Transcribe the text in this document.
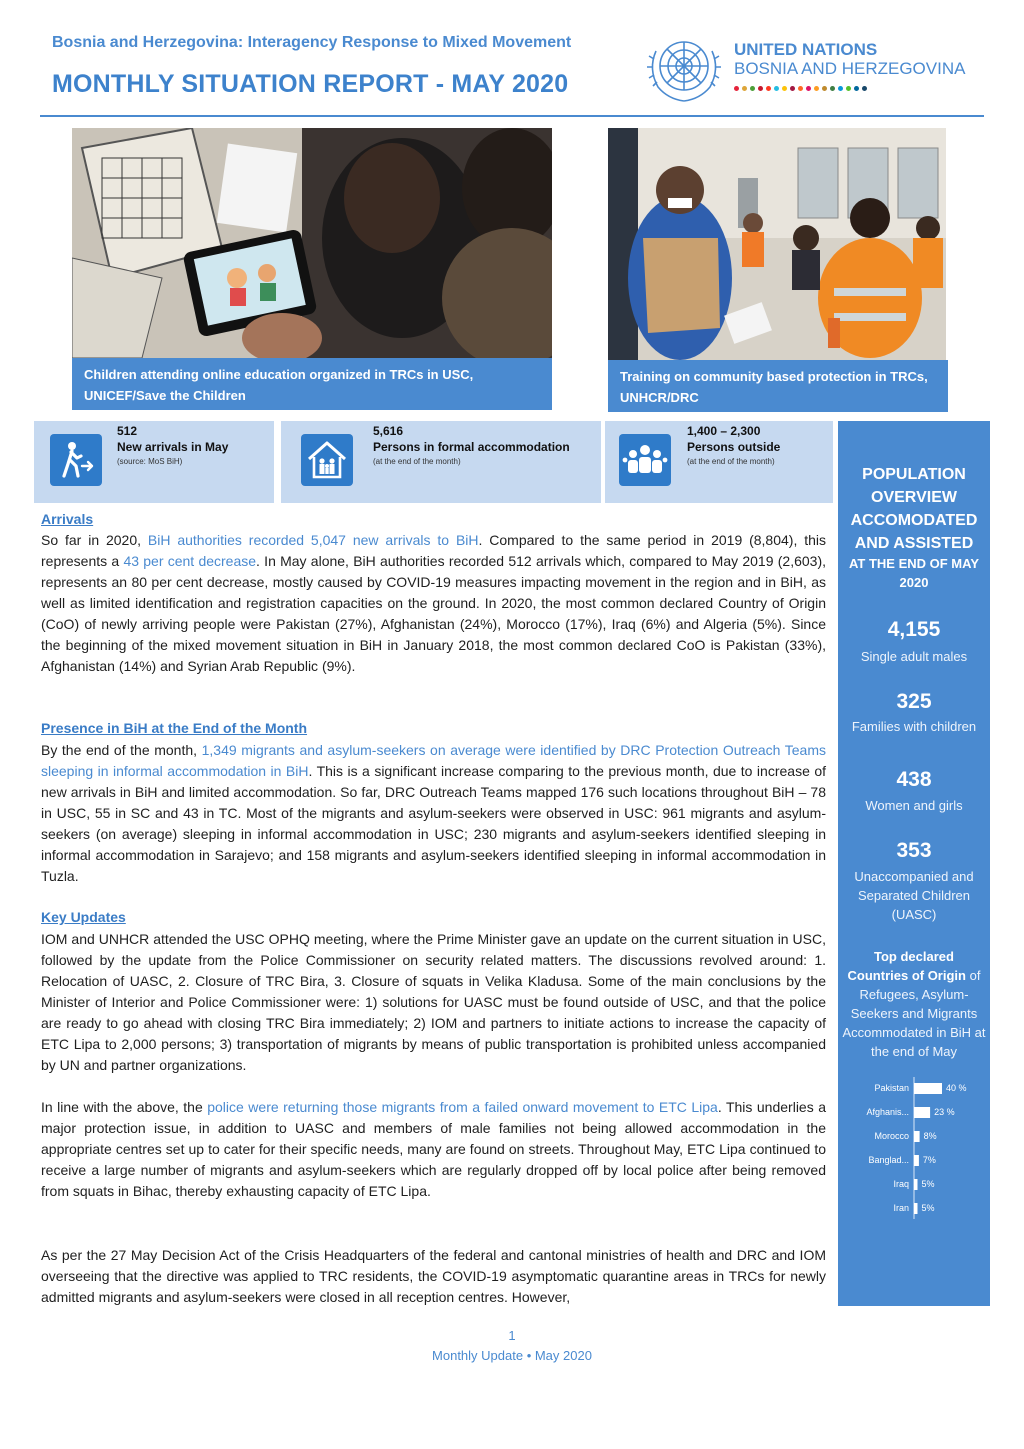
Bosnia and Herzegovina: Interagency Response to Mixed Movement
MONTHLY SITUATION REPORT - MAY 2020
UNITED NATIONS
BOSNIA AND HERZEGOVINA
Children attending online education organized in TRCs in USC, UNICEF/Save the Children
Training on community based protection in TRCs, UNHCR/DRC
512
New arrivals in May
(source: MoS BiH)
5,616
Persons in formal accommodation
(at the end of the month)
1,400 – 2,300
Persons outside
(at the end of the month)
POPULATION OVERVIEW ACCOMODATED AND ASSISTED
AT THE END OF MAY 2020
4,155
Single adult males
325
Families with children
438
Women and girls
353
Unaccompanied and Separated Children (UASC)
Top declared Countries of Origin of Refugees, Asylum-Seekers and Migrants Accommodated in BiH at the end of May
Pakistan	40 %
Afghanis...	23 %
Morocco 8%
Banglad... 7%
Iraq 5%
Iran 5%
Arrivals
So far in 2020, BiH authorities recorded 5,047 new arrivals to BiH. Compared to the same period in 2019 (8,804), this represents a 43 per cent decrease. In May alone, BiH authorities recorded 512 arrivals which, compared to May 2019 (2,603), represents an 80 per cent decrease, mostly caused by COVID-19 measures impacting movement in the region and in BiH, as well as limited identification and registration capacities on the ground. In 2020, the most common declared Country of Origin (CoO) of newly arriving people were Pakistan (27%), Afghanistan (24%), Morocco (17%), Iraq (6%) and Algeria (5%). Since the beginning of the mixed movement situation in BiH in January 2018, the most common declared CoO is Pakistan (33%), Afghanistan (14%) and Syrian Arab Republic (9%).
Presence in BiH at the End of the Month
By the end of the month, 1,349 migrants and asylum-seekers on average were identified by DRC Protection Outreach Teams sleeping in informal accommodation in BiH. This is a significant increase comparing to the previous month, due to increase of new arrivals in BiH and limited accommodation. So far, DRC Outreach Teams mapped 176 such locations throughout BiH – 78 in USC, 55 in SC and 43 in TC. Most of the migrants and asylum-seekers were observed in USC: 961 migrants and asylum-seekers (on average) sleeping in informal accommodation in USC; 230 migrants and asylum-seekers identified sleeping in informal accommodation in Sarajevo; and 158 migrants and asylum-seekers identified sleeping in informal accommodation in Tuzla.
Key Updates
IOM and UNHCR attended the USC OPHQ meeting, where the Prime Minister gave an update on the current situation in USC, followed by the update from the Police Commissioner on security related matters. The discussions revolved around: 1. Relocation of UASC, 2. Closure of TRC Bira, 3. Closure of squats in Velika Kladusa. Some of the main conclusions by the Minister of Interior and Police Commissioner were: 1) solutions for UASC must be found outside of USC, and that the police are ready to go ahead with closing TRC Bira immediately; 2) IOM and partners to initiate actions to increase the capacity of ETC Lipa to 2,000 persons; 3) transportation of migrants by means of public transportation is prohibited unless accompanied by UN and partner organizations.
In line with the above, the police were returning those migrants from a failed onward movement to ETC Lipa. This underlies a major protection issue, in addition to UASC and members of male families not being allowed accommodation in the appropriate centres set up to cater for their specific needs, many are found on streets. Throughout May, ETC Lipa continued to receive a large number of migrants and asylum-seekers which are regularly dropped off by local police after being removed from squats in Bihac, thereby exhausting capacity of ETC Lipa.
As per the 27 May Decision Act of the Crisis Headquarters of the federal and cantonal ministries of health and DRC and IOM overseeing that the directive was applied to TRC residents, the COVID-19 asymptomatic quarantine areas in TRCs for newly admitted migrants and asylum-seekers were closed in all reception centres. However,
1
Monthly Update • May 2020
